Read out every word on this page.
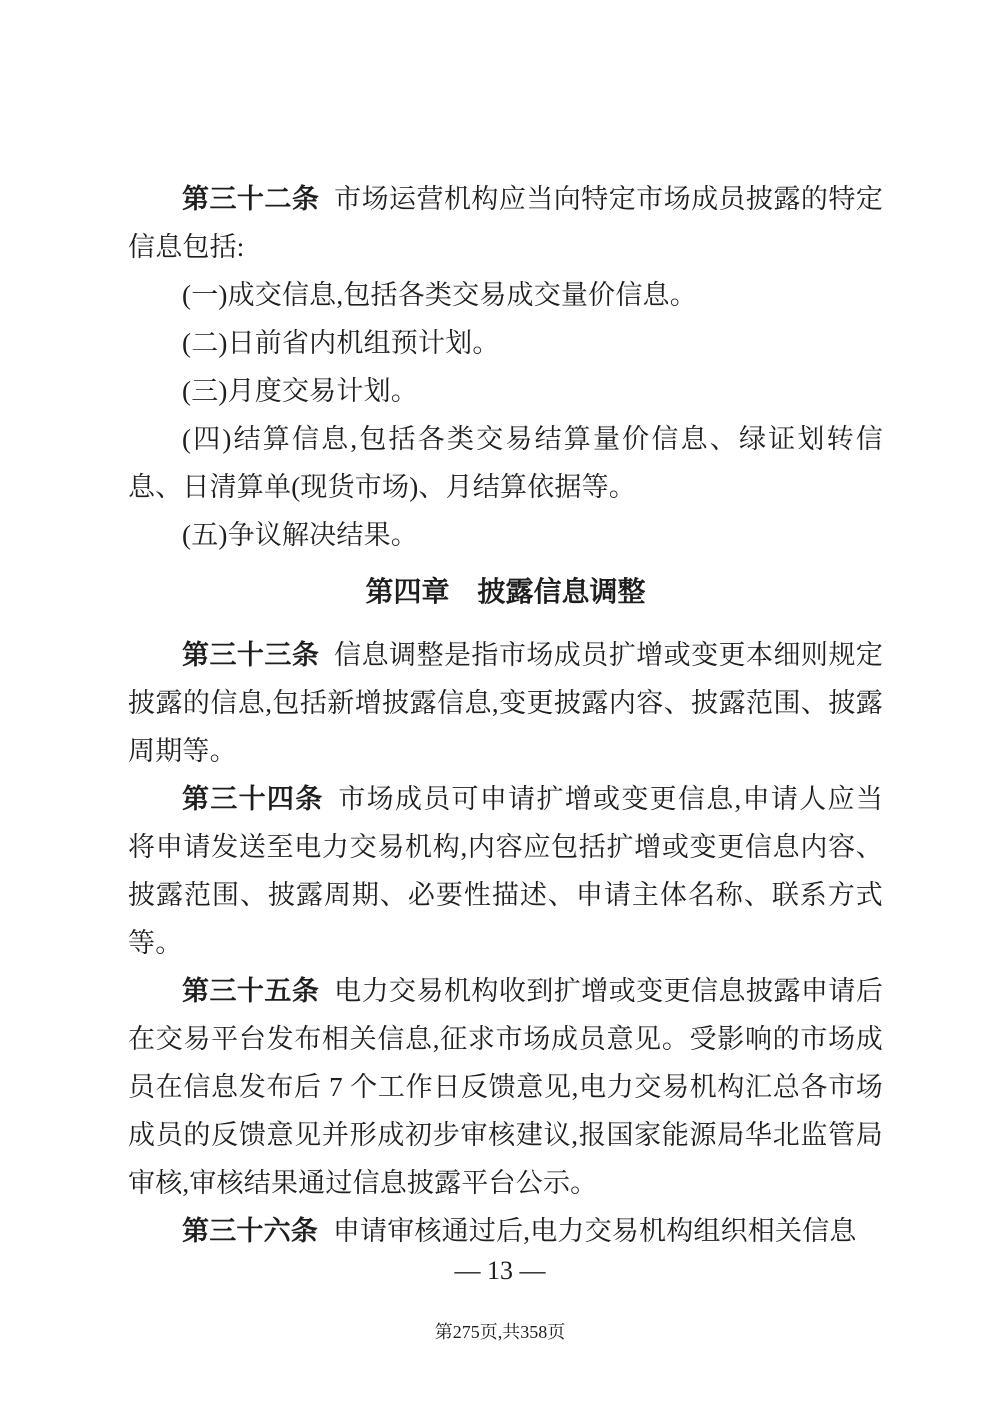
第三十二条 市场运营机构应当向特定市场成员披露的特定信息包括:

(一)成交信息,包括各类交易成交量价信息。

(二)日前省内机组预计划。

(三)月度交易计划。

(四)结算信息,包括各类交易结算量价信息、绿证划转信息、日清算单(现货市场)、月结算依据等。

(五)争议解决结果。

第四章　披露信息调整

第三十三条 信息调整是指市场成员扩增或变更本细则规定披露的信息,包括新增披露信息,变更披露内容、披露范围、披露周期等。

第三十四条 市场成员可申请扩增或变更信息,申请人应当将申请发送至电力交易机构,内容应包括扩增或变更信息内容、披露范围、披露周期、必要性描述、申请主体名称、联系方式等。

第三十五条 电力交易机构收到扩增或变更信息披露申请后在交易平台发布相关信息,征求市场成员意见。受影响的市场成员在信息发布后 7 个工作日反馈意见,电力交易机构汇总各市场成员的反馈意见并形成初步审核建议,报国家能源局华北监管局审核,审核结果通过信息披露平台公示。

第三十六条 申请审核通过后,电力交易机构组织相关信息

— 13 —
第275页,共358页
